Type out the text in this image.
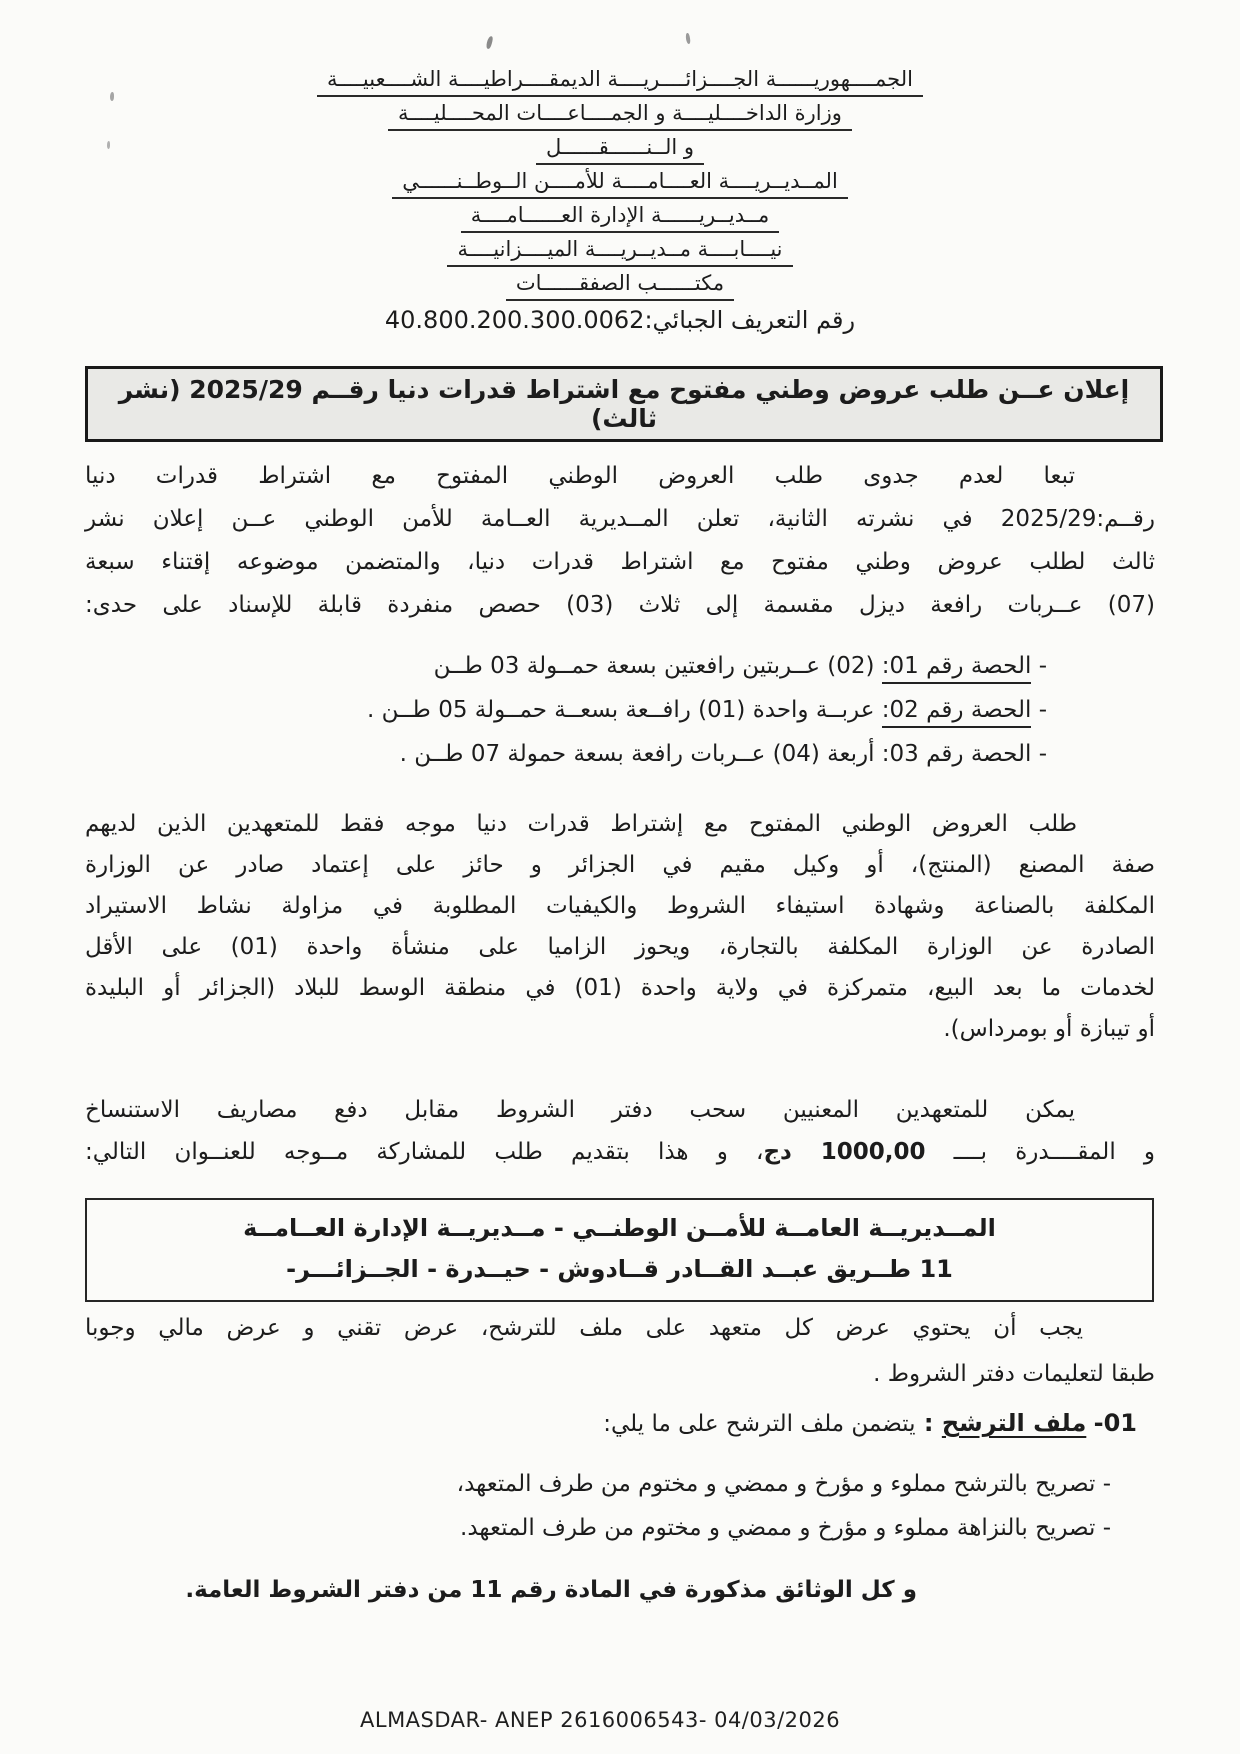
الجمــــهوريــــــة الجــــزائــــريــــة الديمقــــراطيــــة الشــــعبيــــة
وزارة الداخــــليــــة و الجمــــاعــــات المحــــليــــة
و الــنــــــقــــــل
المــديــريــــة العــــامــــة للأمــــن الــوطــنــــــي
مــديــريــــــة الإدارة العــــــامــــة
نيــــابــــة مــديــريــــة الميــــزانيــــة
مكتــــــب الصفقــــــات
رقم التعريف الجبائي:40.800.200.300.0062
إعلان عــن طلب عروض وطني مفتوح مع اشتراط قدرات دنيا رقــم 2025/29 (نشر ثالث)
تبعا لعدم جدوى طلب العروض الوطني المفتوح مع اشتراط قدرات دنيا
رقــم:2025/29 في نشرته الثانية، تعلن المــديرية العــامة للأمن الوطني عــن إعلان نشر
ثالث لطلب عروض وطني مفتوح مع اشتراط قدرات دنيا، والمتضمن موضوعه إقتناء سبعة
(07) عــربات رافعة ديزل مقسمة إلى ثلاث (03) حصص منفردة قابلة للإسناد على حدى:
- الحصة رقم 01: (02) عــربتين رافعتين بسعة حمــولة 03 طــن
- الحصة رقم 02: عربــة واحدة (01) رافــعة بسعــة حمــولة 05 طــن .
- الحصة رقم 03: أربعة (04) عــربات رافعة بسعة حمولة 07 طــن .
طلب العروض الوطني المفتوح مع إشتراط قدرات دنيا موجه فقط للمتعهدين الذين لديهم
صفة المصنع (المنتج)، أو وكيل مقيم في الجزائر و حائز على إعتماد صادر عن الوزارة
المكلفة بالصناعة وشهادة استيفاء الشروط والكيفيات المطلوبة في مزاولة نشاط الاستيراد
الصادرة عن الوزارة المكلفة بالتجارة، ويحوز الزاميا على منشأة واحدة (01) على الأقل
لخدمات ما بعد البيع، متمركزة في ولاية واحدة (01) في منطقة الوسط للبلاد (الجزائر أو البليدة
أو تيبازة أو بومرداس).
يمكن للمتعهدين المعنيين سحب دفتر الشروط مقابل دفع مصاريف الاستنساخ
و المقــــدرة بــــ 1000,00 دج، و هذا بتقديم طلب للمشاركة مــوجه للعنــوان التالي:
المــديريــة العامــة للأمــن الوطنــي - مــديريــة الإدارة العــامــة
11 طــريق عبــد القــادر قــادوش - حيــدرة - الجــزائـــر-
يجب أن يحتوي عرض كل متعهد على ملف للترشح، عرض تقني و عرض مالي وجوبا
طبقا لتعليمات دفتر الشروط .
01- ملف الترشح : يتضمن ملف الترشح على ما يلي:
- تصريح بالترشح مملوء و مؤرخ و ممضي و مختوم من طرف المتعهد،
- تصريح بالنزاهة مملوء و مؤرخ و ممضي و مختوم من طرف المتعهد.
و كل الوثائق مذكورة في المادة رقم 11 من دفتر الشروط العامة.
ALMASDAR- ANEP 2616006543- 04/03/2026
